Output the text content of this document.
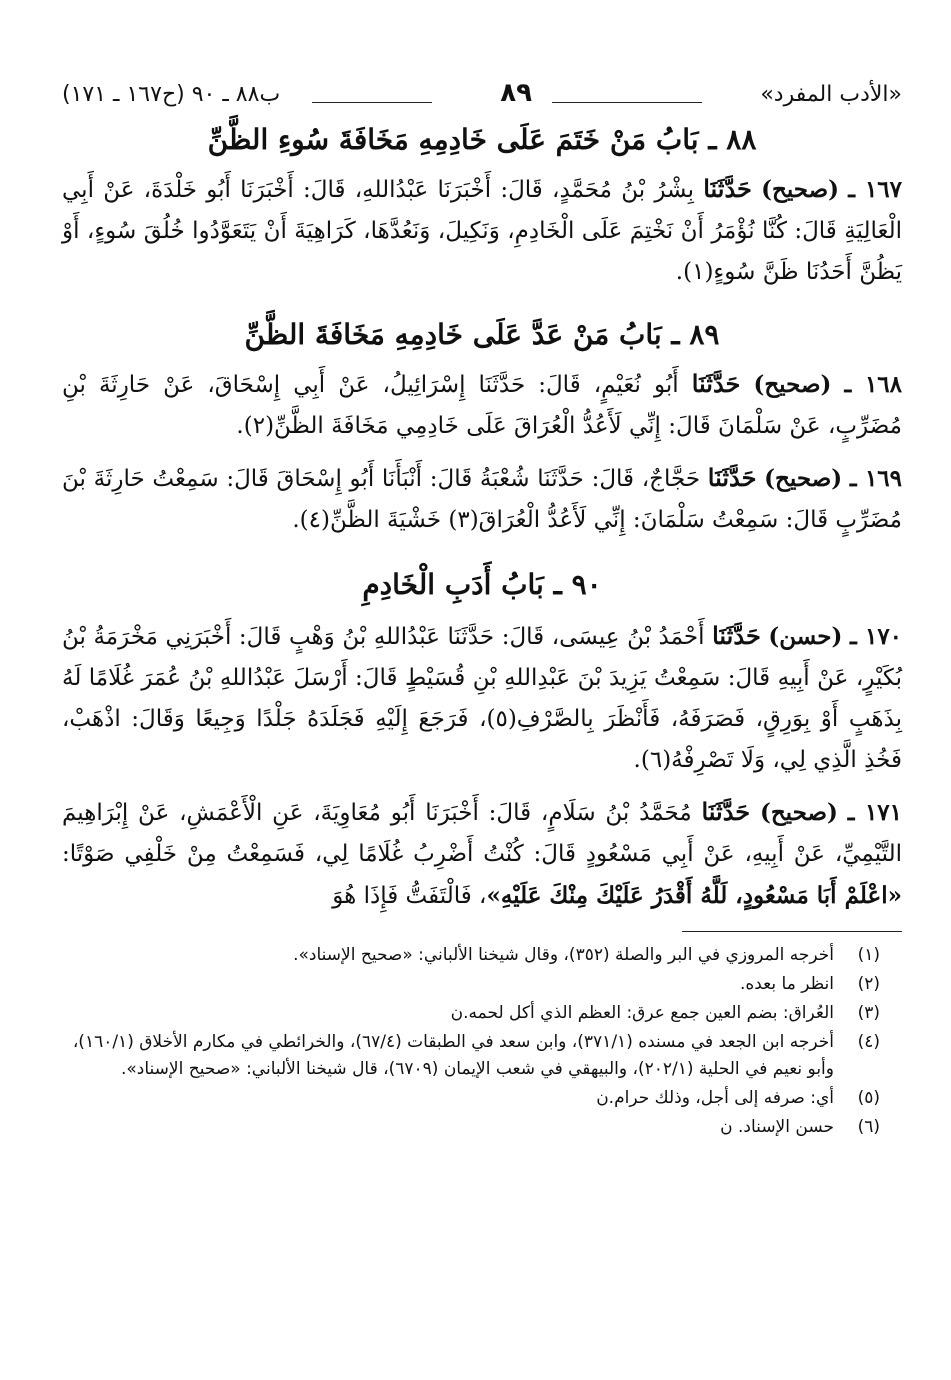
«الأدب المفرد»
٨٩
ب٨٨ ـ ٩٠ (ح١٦٧ ـ ١٧١)
٨٨ ـ بَابُ مَنْ خَتَمَ عَلَى خَادِمِهِ مَخَافَةَ سُوءِ الظَّنِّ

١٦٧ ـ (صحيح) حَدَّثَنَا بِشْرُ بْنُ مُحَمَّدٍ، قَالَ: أَخْبَرَنَا عَبْدُاللهِ، قَالَ: أَخْبَرَنَا أَبُو خَلْدَةَ، عَنْ أَبِي الْعَالِيَةِ قَالَ: كُنَّا نُؤْمَرُ أَنْ نَخْتِمَ عَلَى الْخَادِمِ، وَنَكِيلَ، وَنَعُدَّهَا، كَرَاهِيَةَ أَنْ يَتَعَوَّدُوا خُلُقَ سُوءٍ، أَوْ يَظُنَّ أَحَدُنَا ظَنَّ سُوءٍ(١).

٨٩ ـ بَابُ مَنْ عَدَّ عَلَى خَادِمِهِ مَخَافَةَ الظَّنِّ

١٦٨ ـ (صحيح) حَدَّثَنَا أَبُو نُعَيْمٍ، قَالَ: حَدَّثَنَا إِسْرَائِيلُ، عَنْ أَبِي إِسْحَاقَ، عَنْ حَارِثَةَ بْنِ مُضَرِّبٍ، عَنْ سَلْمَانَ قَالَ: إِنِّي لَأَعُدُّ الْعُرَاقَ عَلَى خَادِمِي مَخَافَةَ الظَّنِّ(٢).

١٦٩ ـ (صحيح) حَدَّثَنَا حَجَّاجٌ، قَالَ: حَدَّثَنَا شُعْبَةُ قَالَ: أَنْبَأَنَا أَبُو إِسْحَاقَ قَالَ: سَمِعْتُ حَارِثَةَ بْنَ مُضَرِّبٍ قَالَ: سَمِعْتُ سَلْمَانَ: إِنِّي لَأَعُدُّ الْعُرَاقَ(٣) خَشْيَةَ الظَّنِّ(٤).

٩٠ ـ بَابُ أَدَبِ الْخَادِمِ

١٧٠ ـ (حسن) حَدَّثَنَا أَحْمَدُ بْنُ عِيسَى، قَالَ: حَدَّثَنَا عَبْدُاللهِ بْنُ وَهْبٍ قَالَ: أَخْبَرَنِي مَخْرَمَةُ بْنُ بُكَيْرٍ، عَنْ أَبِيهِ قَالَ: سَمِعْتُ يَزِيدَ بْنَ عَبْدِاللهِ بْنِ قُسَيْطٍ قَالَ: أَرْسَلَ عَبْدُاللهِ بْنُ عُمَرَ غُلَامًا لَهُ بِذَهَبٍ أَوْ بِوَرِقٍ، فَصَرَفَهُ، فَأَنْظَرَ بِالصَّرْفِ(٥)، فَرَجَعَ إِلَيْهِ فَجَلَدَهُ جَلْدًا وَجِيعًا وَقَالَ: اذْهَبْ، فَخُذِ الَّذِي لِي، وَلَا تَصْرِفْهُ(٦).

١٧١ ـ (صحيح) حَدَّثَنَا مُحَمَّدُ بْنُ سَلَامٍ، قَالَ: أَخْبَرَنَا أَبُو مُعَاوِيَةَ، عَنِ الْأَعْمَشِ، عَنْ إِبْرَاهِيمَ التَّيْمِيِّ، عَنْ أَبِيهِ، عَنْ أَبِي مَسْعُودٍ قَالَ: كُنْتُ أَضْرِبُ غُلَامًا لِي، فَسَمِعْتُ مِنْ خَلْفِي صَوْتًا: «اعْلَمْ أَبَا مَسْعُودٍ، لَلَّهُ أَقْدَرُ عَلَيْكَ مِنْكَ عَلَيْهِ»، فَالْتَفَتُّ فَإِذَا هُوَ

(١)
أخرجه المروزي في البر والصلة (٣٥٢)، وقال شيخنا الألباني: «صحيح الإسناد».
(٢)
انظر ما بعده.
(٣)
العُراق: بضم العين جمع عرق: العظم الذي أكل لحمه.ن
(٤)
أخرجه ابن الجعد في مسنده (٣٧١/١)، وابن سعد في الطبقات (٦٧/٤)، والخرائطي في مكارم الأخلاق (١٦٠/١)، وأبو نعيم في الحلية (٢٠٢/١)، والبيهقي في شعب الإيمان (٦٧٠٩)، قال شيخنا الألباني: «صحيح الإسناد».
(٥)
أي: صرفه إلى أجل، وذلك حرام.ن
(٦)
حسن الإسناد. ن
